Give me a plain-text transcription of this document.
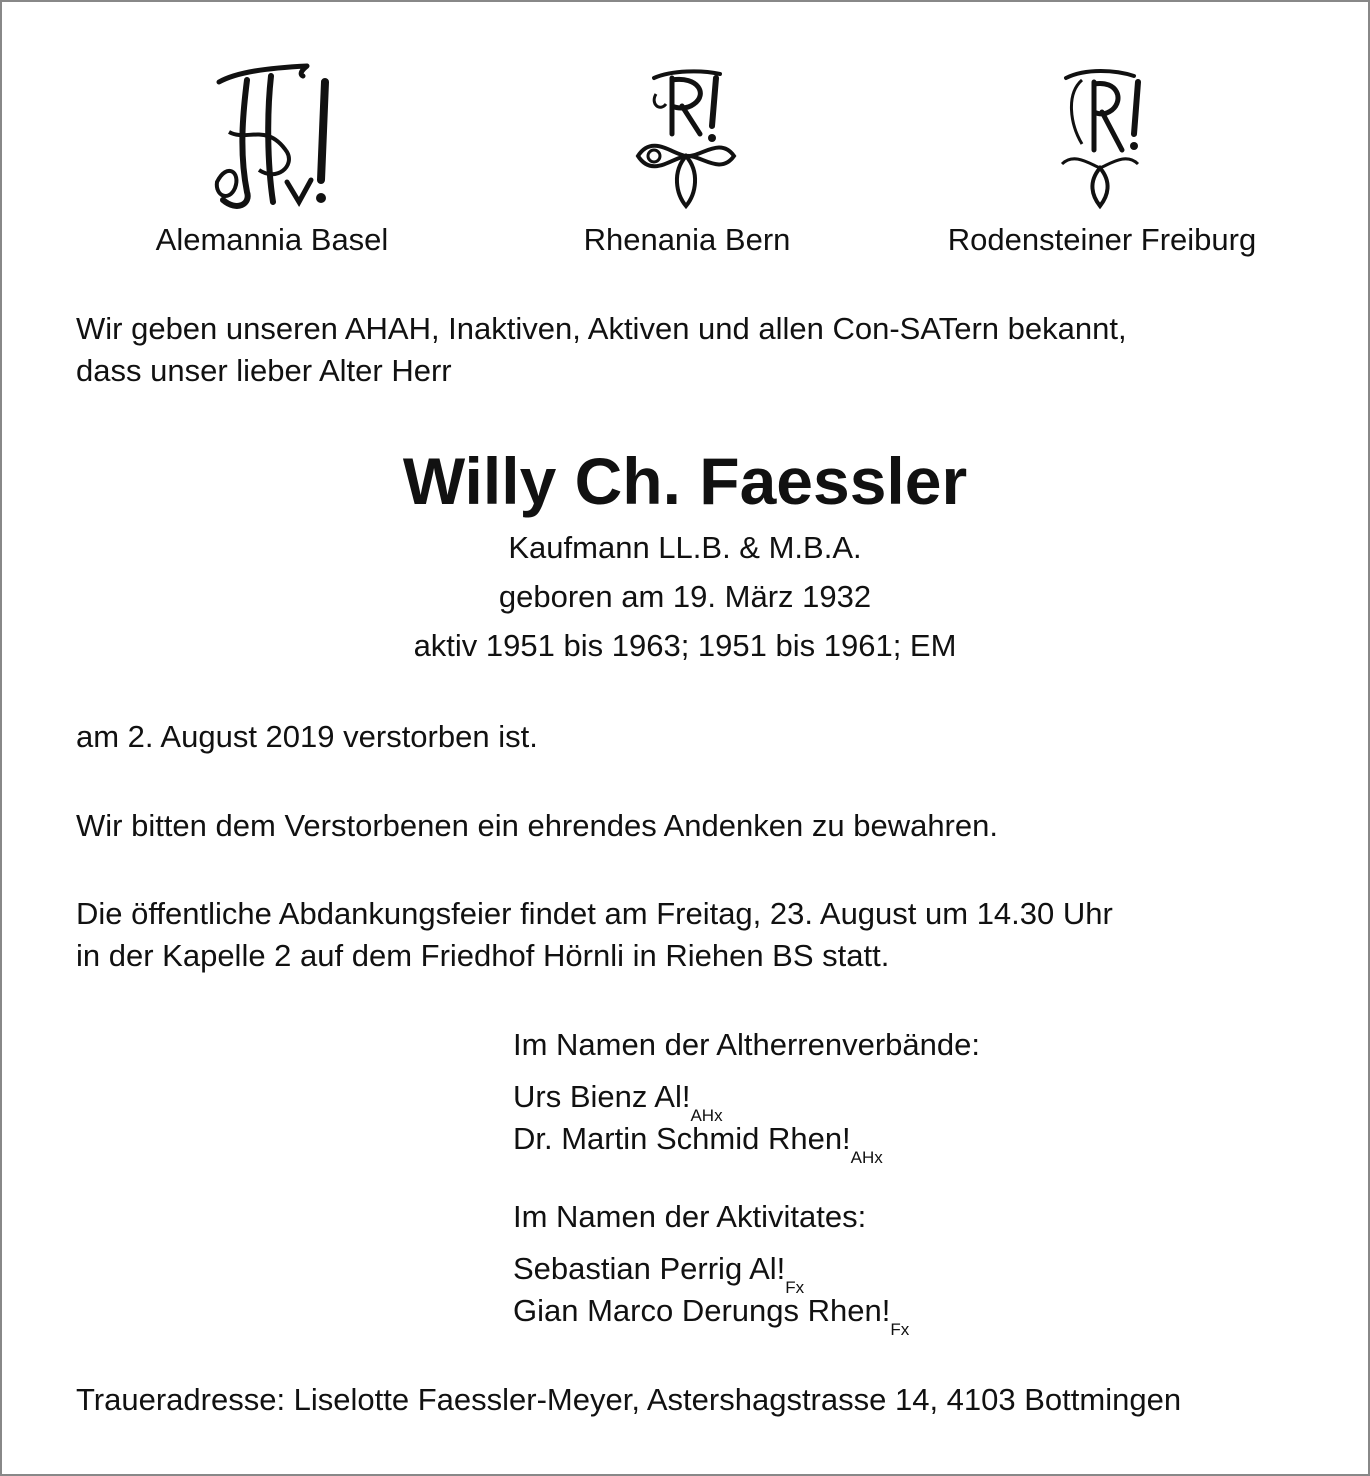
Alemannia Basel	Rhenania Bern	Rodensteiner Freiburg
Wir geben unseren AHAH, Inaktiven, Aktiven und allen Con-SATern bekannt,
dass unser lieber Alter Herr
Willy Ch. Faessler
Kaufmann LL.B. & M.B.A.
geboren am 19. März 1932
aktiv 1951 bis 1963; 1951 bis 1961; EM
am 2. August 2019 verstorben ist.
Wir bitten dem Verstorbenen ein ehrendes Andenken zu bewahren.
Die öffentliche Abdankungsfeier findet am Freitag, 23. August um 14.30 Uhr
in der Kapelle 2 auf dem Friedhof Hörnli in Riehen BS statt.
Im Namen der Altherrenverbände:
Urs Bienz $Al!_{AHx}$
Dr. Martin Schmid $Rhen!_{AHx}$
Im Namen der Aktivitates:
Sebastian Perrig $Al!_{Fx}$
Gian Marco Derungs $Rhen!_{Fx}$
Traueradresse: Liselotte Faessler-Meyer, Astershagstrasse 14, 4103 Bottmingen
